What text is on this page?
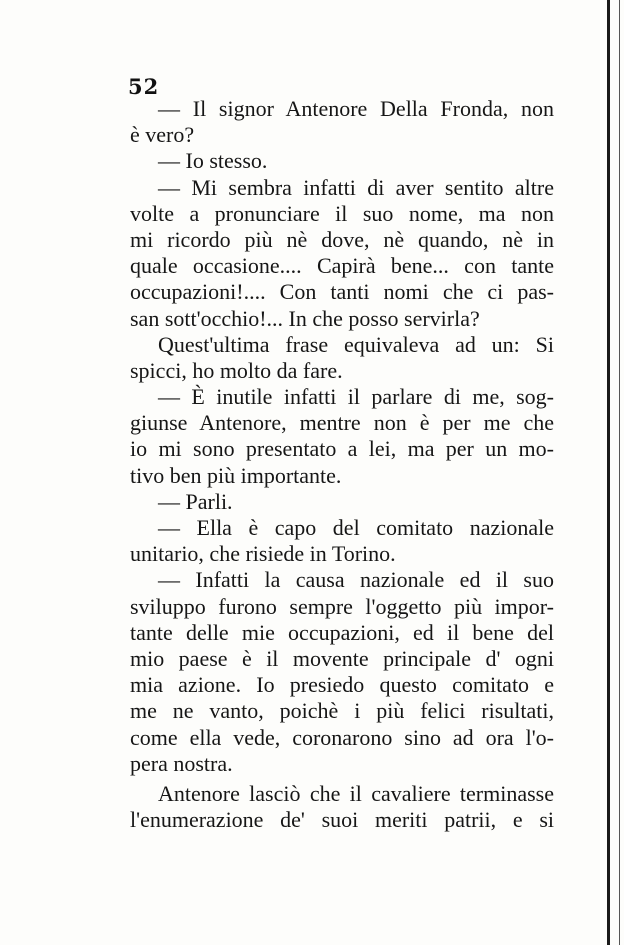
52
— Il signor Antenore Della Fronda, non
è vero?
— Io stesso.
— Mi sembra infatti di aver sentito altre
volte a pronunciare il suo nome, ma non
mi ricordo più nè dove, nè quando, nè in
quale occasione.... Capirà bene... con tante
occupazioni!.... Con tanti nomi che ci pas-
san sott'occhio!... In che posso servirla?
Quest'ultima frase equivaleva ad un: Si
spicci, ho molto da fare.
— È inutile infatti il parlare di me, sog-
giunse Antenore, mentre non è per me che
io mi sono presentato a lei, ma per un mo-
tivo ben più importante.
— Parli.
— Ella è capo del comitato nazionale
unitario, che risiede in Torino.
— Infatti la causa nazionale ed il suo
sviluppo furono sempre l'oggetto più impor-
tante delle mie occupazioni, ed il bene del
mio paese è il movente principale d' ogni
mia azione. Io presiedo questo comitato e
me ne vanto, poichè i più felici risultati,
come ella vede, coronarono sino ad ora l'o-
pera nostra.
Antenore lasciò che il cavaliere terminasse
l'enumerazione de' suoi meriti patrii, e si
